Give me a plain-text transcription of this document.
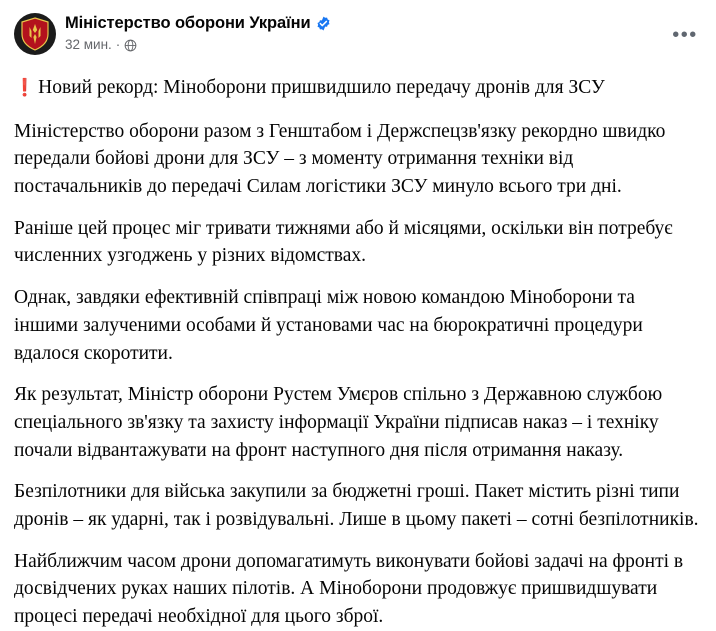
Міністерство оборони України
32 мин. ·	•••

❗ Новий рекорд: Міноборони пришвидшило передачу дронів для ЗСУ

Міністерство оборони разом з Генштабом і Держспецзв'язку рекордно швидко передали бойові дрони для ЗСУ – з моменту отримання техніки від постачальників до передачі Силам логістики ЗСУ минуло всього три дні.

Раніше цей процес міг тривати тижнями або й місяцями, оскільки він потребує численних узгоджень у різних відомствах.

Однак, завдяки ефективній співпраці між новою командою Міноборони та іншими залученими особами й установами час на бюрократичні процедури вдалося скоротити.

Як результат, Міністр оборони Рустем Умєров спільно з Державною службою спеціального зв'язку та захисту інформації України підписав наказ – і техніку почали відвантажувати на фронт наступного дня після отримання наказу.

Безпілотники для війська закупили за бюджетні гроші. Пакет містить різні типи дронів – як ударні, так і розвідувальні. Лише в цьому пакеті – сотні безпілотників.

Найближчим часом дрони допомагатимуть виконувати бойові задачі на фронті в досвідчених руках наших пілотів. А Міноборони продовжує пришвидшувати процесі передачі необхідної для цього зброї.
